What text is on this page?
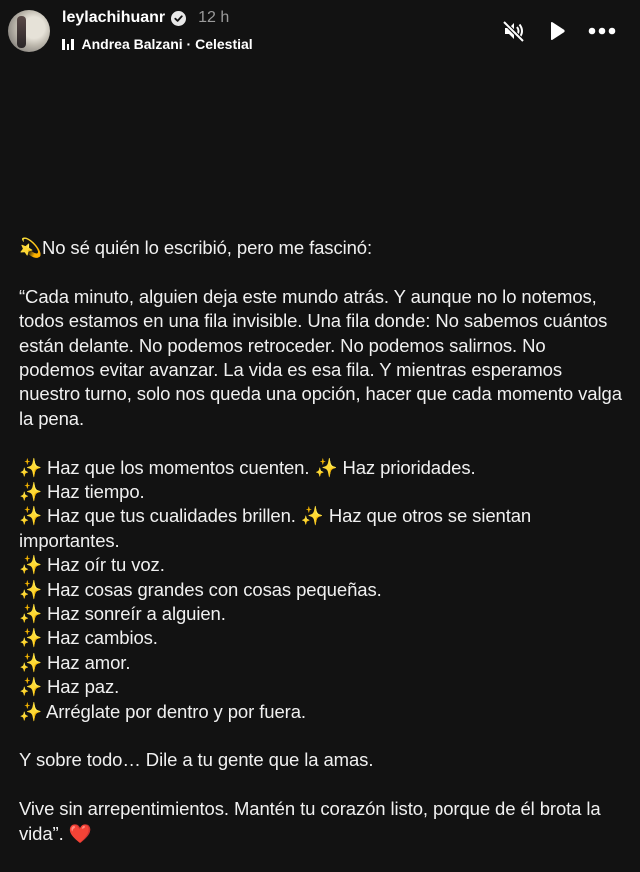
leylachihuanr 12 h
Andrea Balzani · Celestial

💫No sé quién lo escribió, pero me fascinó:

“Cada minuto, alguien deja este mundo atrás. Y aunque no lo notemos, todos estamos en una fila invisible. Una fila donde: No sabemos cuántos están delante. No podemos retroceder. No podemos salirnos. No podemos evitar avanzar. La vida es esa fila. Y mientras esperamos nuestro turno, solo nos queda una opción, hacer que cada momento valga la pena.

✨ Haz que los momentos cuenten. ✨ Haz prioridades.

✨ Haz tiempo.

✨ Haz que tus cualidades brillen. ✨ Haz que otros se sientan importantes.

✨ Haz oír tu voz.

✨ Haz cosas grandes con cosas pequeñas.

✨ Haz sonreír a alguien.

✨ Haz cambios.

✨ Haz amor.

✨ Haz paz.

✨ Arréglate por dentro y por fuera.

Y sobre todo… Dile a tu gente que la amas.

Vive sin arrepentimientos. Mantén tu corazón listo, porque de él brota la vida”. ❤️
